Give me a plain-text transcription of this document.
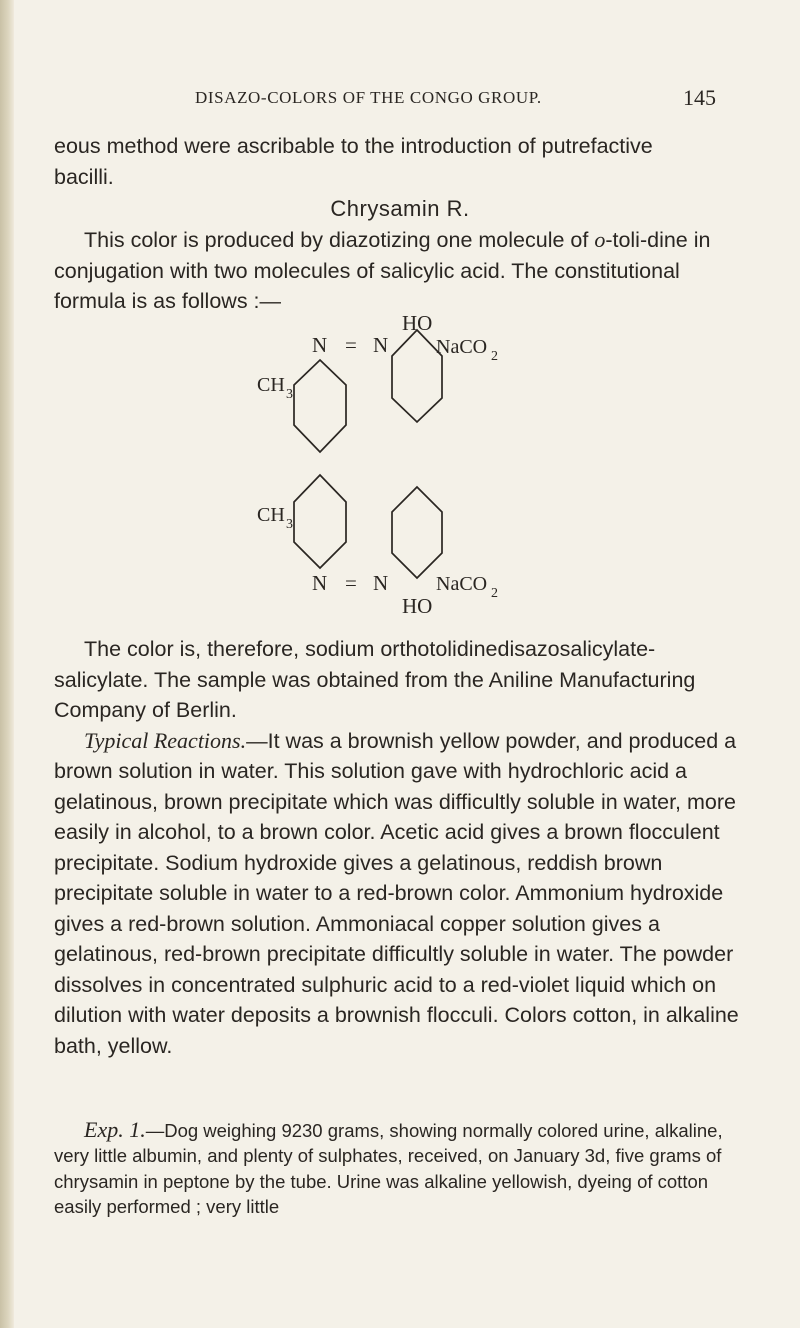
DISAZO-COLORS OF THE CONGO GROUP.	145
eous method were ascribable to the introduction of putrefactive
bacilli.
Chrysamin R.
This color is produced by diazotizing one molecule of o-toli-dine in conjugation with two molecules of salicylic acid. The constitutional formula is as follows :—
HO
N = N NaCO 2
CH 3
CH 3
N = N NaCO 2
HO
The color is, therefore, sodium orthotolidinedisazosalicylate-salicylate. The sample was obtained from the Aniline Manufacturing Company of Berlin.
Typical Reactions.—It was a brownish yellow powder, and produced a brown solution in water. This solution gave with hydrochloric acid a gelatinous, brown precipitate which was difficultly soluble in water, more easily in alcohol, to a brown color. Acetic acid gives a brown flocculent precipitate. Sodium hydroxide gives a gelatinous, reddish brown precipitate soluble in water to a red-brown color. Ammonium hydroxide gives a red-brown solution. Ammoniacal copper solution gives a gelatinous, red-brown precipitate difficultly soluble in water. The powder dissolves in concentrated sulphuric acid to a red-violet liquid which on dilution with water deposits a brownish flocculi. Colors cotton, in alkaline bath, yellow.
Exp. 1.—Dog weighing 9230 grams, showing normally colored urine, alkaline, very little albumin, and plenty of sulphates, received, on January 3d, five grams of chrysamin in peptone by the tube. Urine was alkaline yellowish, dyeing of cotton easily performed ; very little
